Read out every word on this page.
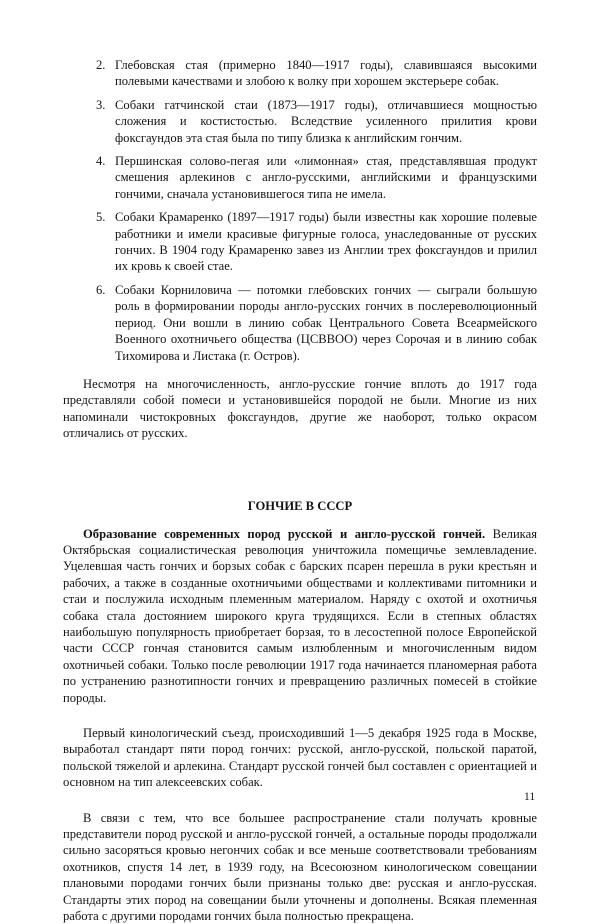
2. Глебовская стая (примерно 1840—1917 годы), славившаяся высокими полевыми качествами и злобою к волку при хорошем экстерьере собак.
3. Собаки гатчинской стаи (1873—1917 годы), отличавшиеся мощностью сложения и костистостью. Вследствие усиленного прилития крови фоксгаундов эта стая была по типу близка к английским гончим.
4. Першинская солово-пегая или «лимонная» стая, представлявшая продукт смешения арлекинов с англо-русскими, английскими и французскими гончими, сначала установившегося типа не имела.
5. Собаки Крамаренко (1897—1917 годы) были известны как хорошие полевые работники и имели красивые фигурные голоса, унаследованные от русских гончих. В 1904 году Крамаренко завез из Англии трех фоксгаундов и прилил их кровь к своей стае.
6. Собаки Корниловича — потомки глебовских гончих — сыграли большую роль в формировании породы англо-русских гончих в послереволюционный период. Они вошли в линию собак Центрального Совета Всеармейского Военного охотничьего общества (ЦСВВОО) через Сорочая и в линию собак Тихомирова и Листака (г. Остров).

Несмотря на многочисленность, англо-русские гончие вплоть до 1917 года представляли собой помеси и установившейся породой не были. Многие из них напоминали чистокровных фоксгаундов, другие же наоборот, только окрасом отличались от русских.

ГОНЧИЕ В СССР

Образование современных пород русской и англо-русской гончей. Великая Октябрьская социалистическая революция уничтожила помещичье землевладение. Уцелевшая часть гончих и борзых собак с барских псарен перешла в руки крестьян и рабочих, а также в созданные охотничьими обществами и коллективами питомники и стаи и послужила исходным племенным материалом. Наряду с охотой и охотничья собака стала достоянием широкого круга трудящихся. Если в степных областях наибольшую популярность приобретает борзая, то в лесостепной полосе Европейской части СССР гончая становится самым излюбленным и многочисленным видом охотничьей собаки. Только после революции 1917 года начинается планомерная работа по устранению разнотипности гончих и превращению различных помесей в стойкие породы.

Первый кинологический съезд, происходивший 1—5 декабря 1925 года в Москве, выработал стандарт пяти пород гончих: русской, англо-русской, польской паратой, польской тяжелой и арлекина. Стандарт русской гончей был составлен с ориентацией и основном на тип алексеевских собак.

В связи с тем, что все большее распространение стали получать кровные представители пород русской и англо-русской гончей, а остальные породы продолжали сильно засоряться кровью негончих собак и все меньше соответствовали требованиям охотников, спустя 14 лет, в 1939 году, на Всесоюзном кинологическом совещании плановыми породами гончих были признаны только две: русская и англо-русская. Стандарты этих пород на совещании были уточнены и дополнены. Всякая племенная работа с другими породами гончих была полностью прекращена.

11
